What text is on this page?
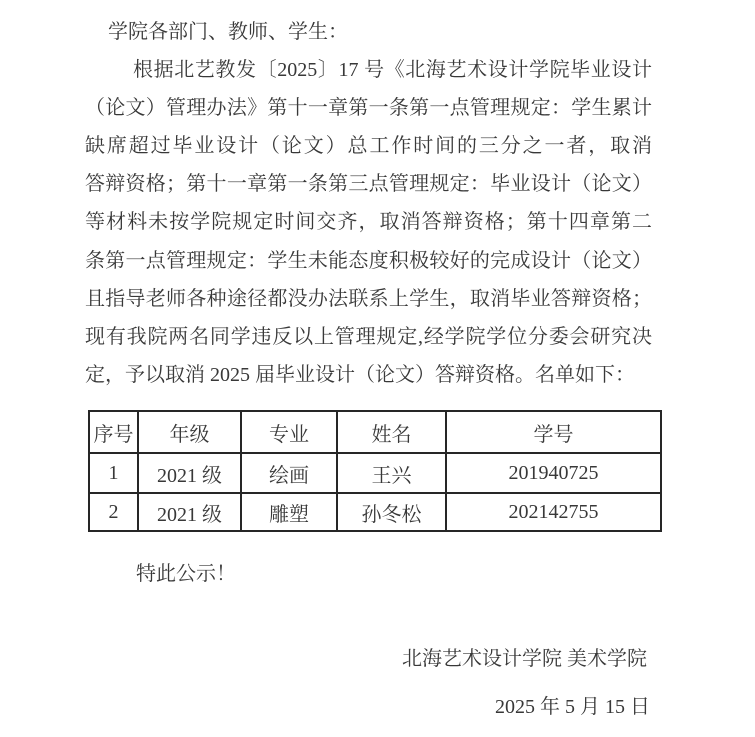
学院各部门、教师、学生：
根据北艺教发〔2025〕17 号《北海艺术设计学院毕业设计
（论文）管理办法》第十一章第一条第一点管理规定：学生累计
缺席超过毕业设计（论文）总工作时间的三分之一者，取消
答辩资格；第十一章第一条第三点管理规定：毕业设计（论文）
等材料未按学院规定时间交齐，取消答辩资格；第十四章第二
条第一点管理规定：学生未能态度积极较好的完成设计（论文）
且指导老师各种途径都没办法联系上学生，取消毕业答辩资格；
现有我院两名同学违反以上管理规定,经学院学位分委会研究决
定，予以取消 2025 届毕业设计（论文）答辩资格。名单如下：
序号	年级	专业	姓名	学号
1	2021 级	绘画	王兴	201940725
2	2021 级	雕塑	孙冬松	202142755
特此公示！
北海艺术设计学院 美术学院
2025 年 5 月 15 日
